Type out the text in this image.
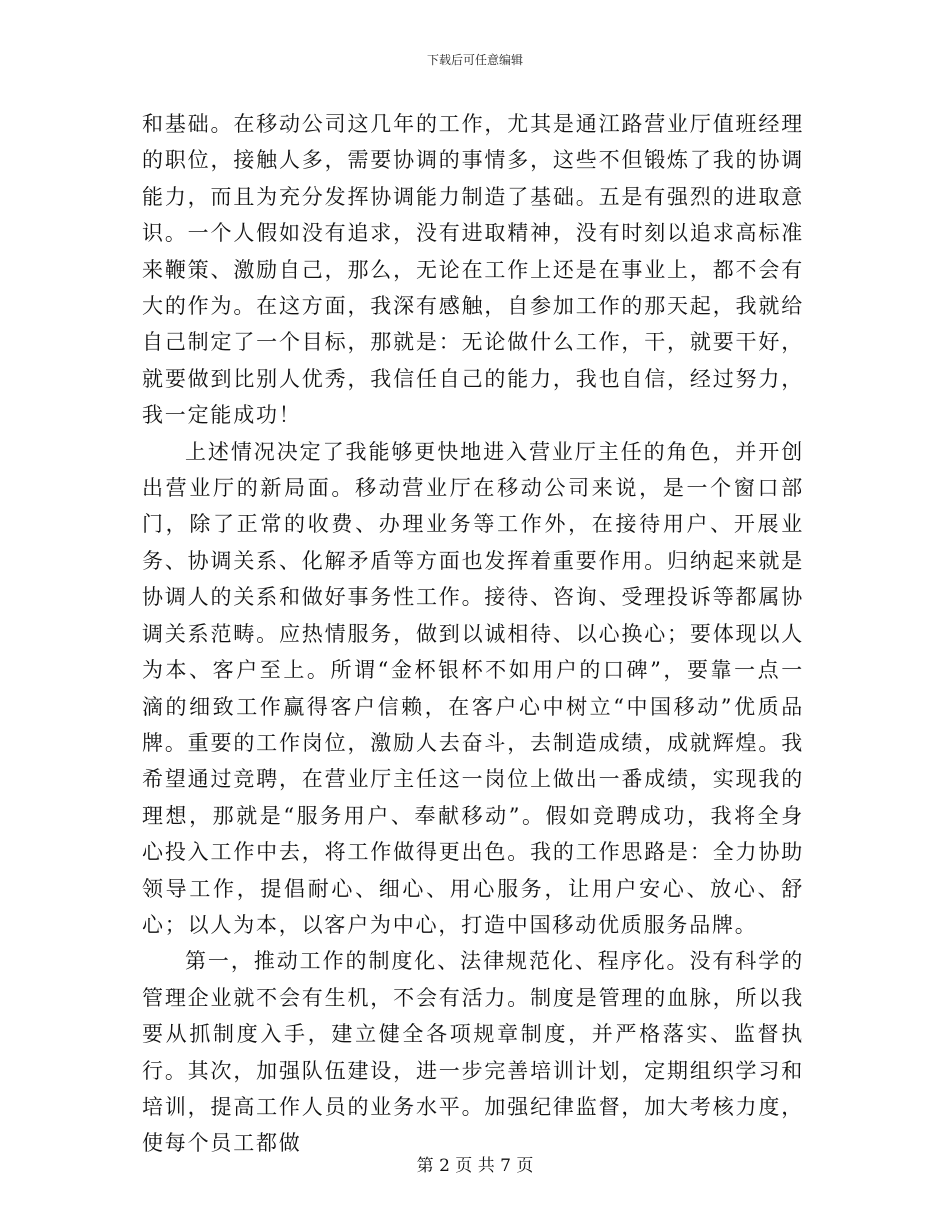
下载后可任意编辑

和基础。在移动公司这几年的工作，尤其是通江路营业厅值班经理的职位，接触人多，需要协调的事情多，这些不但锻炼了我的协调能力，而且为充分发挥协调能力制造了基础。五是有强烈的进取意识。一个人假如没有追求，没有进取精神，没有时刻以追求高标准来鞭策、激励自己，那么，无论在工作上还是在事业上，都不会有大的作为。在这方面，我深有感触，自参加工作的那天起，我就给自己制定了一个目标，那就是：无论做什么工作，干，就要干好，就要做到比别人优秀，我信任自己的能力，我也自信，经过努力，我一定能成功！

上述情况决定了我能够更快地进入营业厅主任的角色，并开创出营业厅的新局面。移动营业厅在移动公司来说，是一个窗口部门，除了正常的收费、办理业务等工作外，在接待用户、开展业务、协调关系、化解矛盾等方面也发挥着重要作用。归纳起来就是协调人的关系和做好事务性工作。接待、咨询、受理投诉等都属协调关系范畴。应热情服务，做到以诚相待、以心换心；要体现以人为本、客户至上。所谓“金杯银杯不如用户的口碑”，要靠一点一滴的细致工作赢得客户信赖，在客户心中树立“中国移动”优质品牌。重要的工作岗位，激励人去奋斗，去制造成绩，成就辉煌。我希望通过竞聘，在营业厅主任这一岗位上做出一番成绩，实现我的理想，那就是“服务用户、奉献移动”。假如竞聘成功，我将全身心投入工作中去，将工作做得更出色。我的工作思路是：全力协助领导工作，提倡耐心、细心、用心服务，让用户安心、放心、舒心；以人为本，以客户为中心，打造中国移动优质服务品牌。

第一，推动工作的制度化、法律规范化、程序化。没有科学的管理企业就不会有生机，不会有活力。制度是管理的血脉，所以我要从抓制度入手，建立健全各项规章制度，并严格落实、监督执行。其次，加强队伍建设，进一步完善培训计划，定期组织学习和培训，提高工作人员的业务水平。加强纪律监督，加大考核力度，使每个员工都做

第 2 页 共 7 页
